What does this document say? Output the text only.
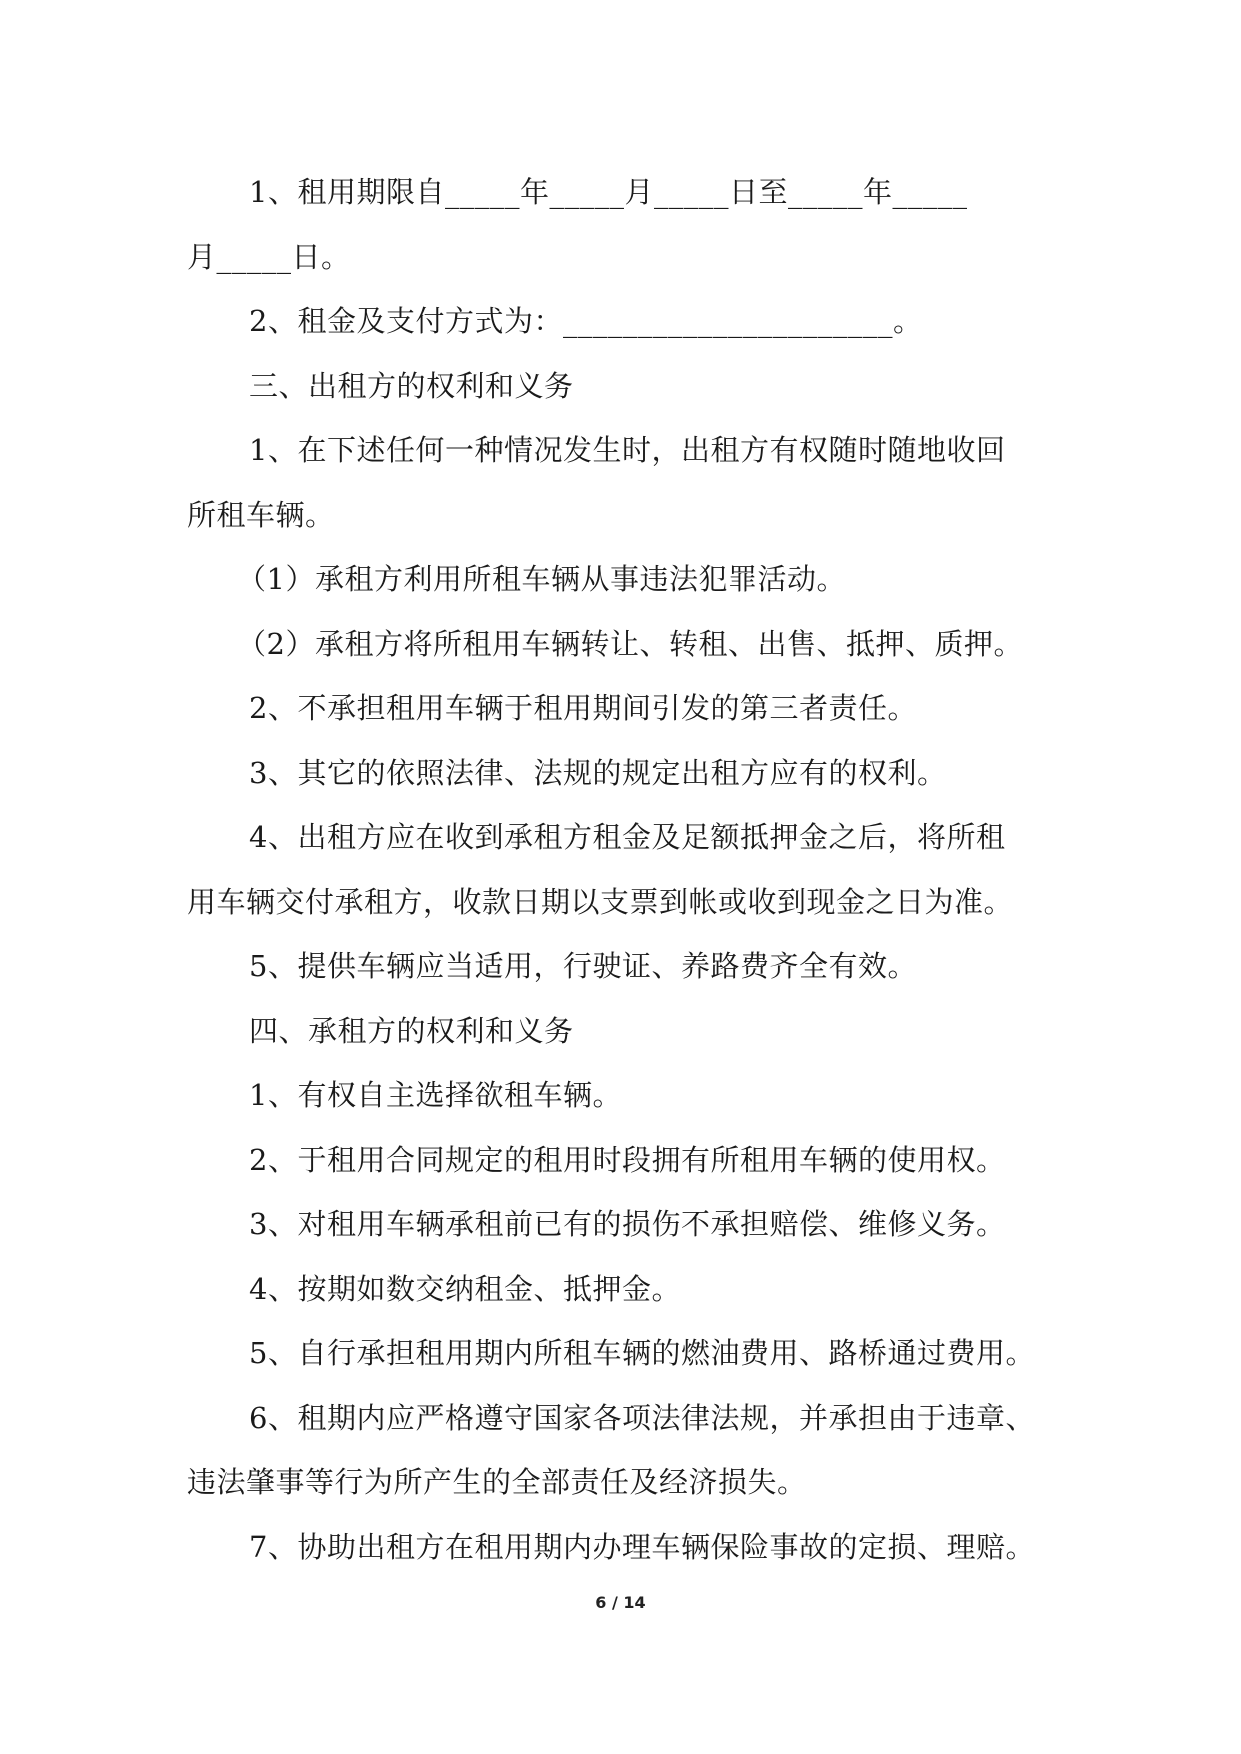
1、租用期限自_____年_____月_____日至_____年_____

月_____日。

2、租金及支付方式为：______________________。

三、出租方的权利和义务

1、在下述任何一种情况发生时，出租方有权随时随地收回

所租车辆。

（1）承租方利用所租车辆从事违法犯罪活动。

（2）承租方将所租用车辆转让、转租、出售、抵押、质押。

2、不承担租用车辆于租用期间引发的第三者责任。

3、其它的依照法律、法规的规定出租方应有的权利。

4、出租方应在收到承租方租金及足额抵押金之后，将所租

用车辆交付承租方，收款日期以支票到帐或收到现金之日为准。

5、提供车辆应当适用，行驶证、养路费齐全有效。

四、承租方的权利和义务

1、有权自主选择欲租车辆。

2、于租用合同规定的租用时段拥有所租用车辆的使用权。

3、对租用车辆承租前已有的损伤不承担赔偿、维修义务。

4、按期如数交纳租金、抵押金。

5、自行承担租用期内所租车辆的燃油费用、路桥通过费用。

6、租期内应严格遵守国家各项法律法规，并承担由于违章、

违法肇事等行为所产生的全部责任及经济损失。

7、协助出租方在租用期内办理车辆保险事故的定损、理赔。

6 / 14
